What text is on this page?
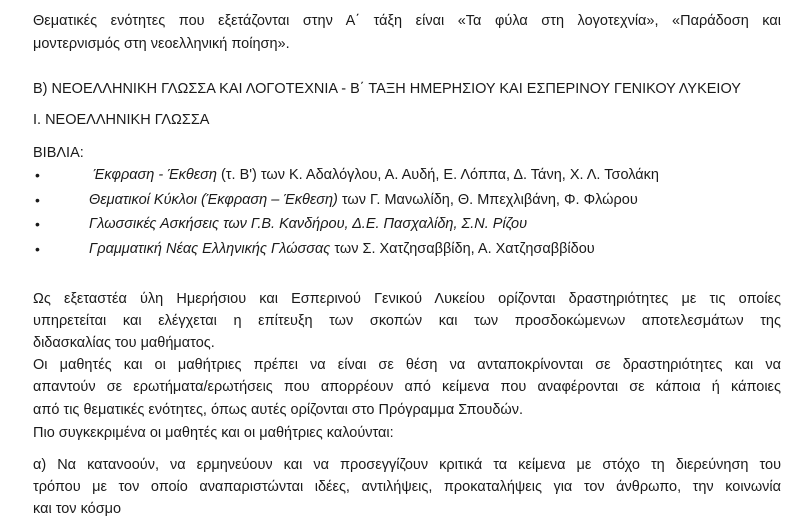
Θεματικές ενότητες που εξετάζονται στην Α΄ τάξη είναι «Τα φύλα στη λογοτεχνία», «Παράδοση και
μοντερνισμός στη νεοελληνική ποίηση».
Β) ΝΕΟΕΛΛΗΝΙΚΗ ΓΛΩΣΣΑ ΚΑΙ ΛΟΓΟΤΕΧΝΙΑ - Β΄ ΤΑΞΗ ΗΜΕΡΗΣΙΟΥ ΚΑΙ ΕΣΠΕΡΙΝΟΥ ΓΕΝΙΚΟΥ ΛΥΚΕΙΟΥ
Ι. ΝΕΟΕΛΛΗΝΙΚΗ ΓΛΩΣΣΑ
ΒΙΒΛΙΑ:
•	Έκφραση - Έκθεση (τ. Β') των Κ. Αδαλόγλου, Α. Αυδή, Ε. Λόππα, Δ. Τάνη, Χ. Λ. Τσολάκη
•	Θεματικοί Κύκλοι (Έκφραση – Έκθεση) των Γ. Μανωλίδη, Θ. Μπεχλιβάνη, Φ. Φλώρου
•	Γλωσσικές Ασκήσεις των Γ.Β. Κανδήρου, Δ.Ε. Πασχαλίδη, Σ.Ν. Ρίζου
•	Γραμματική Νέας Ελληνικής Γλώσσας των Σ. Χατζησαββίδη, Α. Χατζησαββίδου
Ως εξεταστέα ύλη Ημερήσιου και Εσπερινού Γενικού Λυκείου ορίζονται δραστηριότητες με τις οποίες
υπηρετείται και ελέγχεται η επίτευξη των σκοπών και των προσδοκώμενων αποτελεσμάτων της
διδασκαλίας του μαθήματος.
Οι μαθητές και οι μαθήτριες πρέπει να είναι σε θέση να ανταποκρίνονται σε δραστηριότητες και να
απαντούν σε ερωτήματα/ερωτήσεις που απορρέουν από κείμενα που αναφέρονται σε κάποια ή κάποιες
από τις θεματικές ενότητες, όπως αυτές ορίζονται στο Πρόγραμμα Σπουδών.
Πιο συγκεκριμένα οι μαθητές και οι μαθήτριες καλούνται:
α) Να κατανοούν, να ερμηνεύουν και να προσεγγίζουν κριτικά τα κείμενα με στόχο τη διερεύνηση του
τρόπου με τον οποίο αναπαριστώνται ιδέες, αντιλήψεις, προκαταλήψεις για τον άνθρωπο, την κοινωνία
και τον κόσμο
